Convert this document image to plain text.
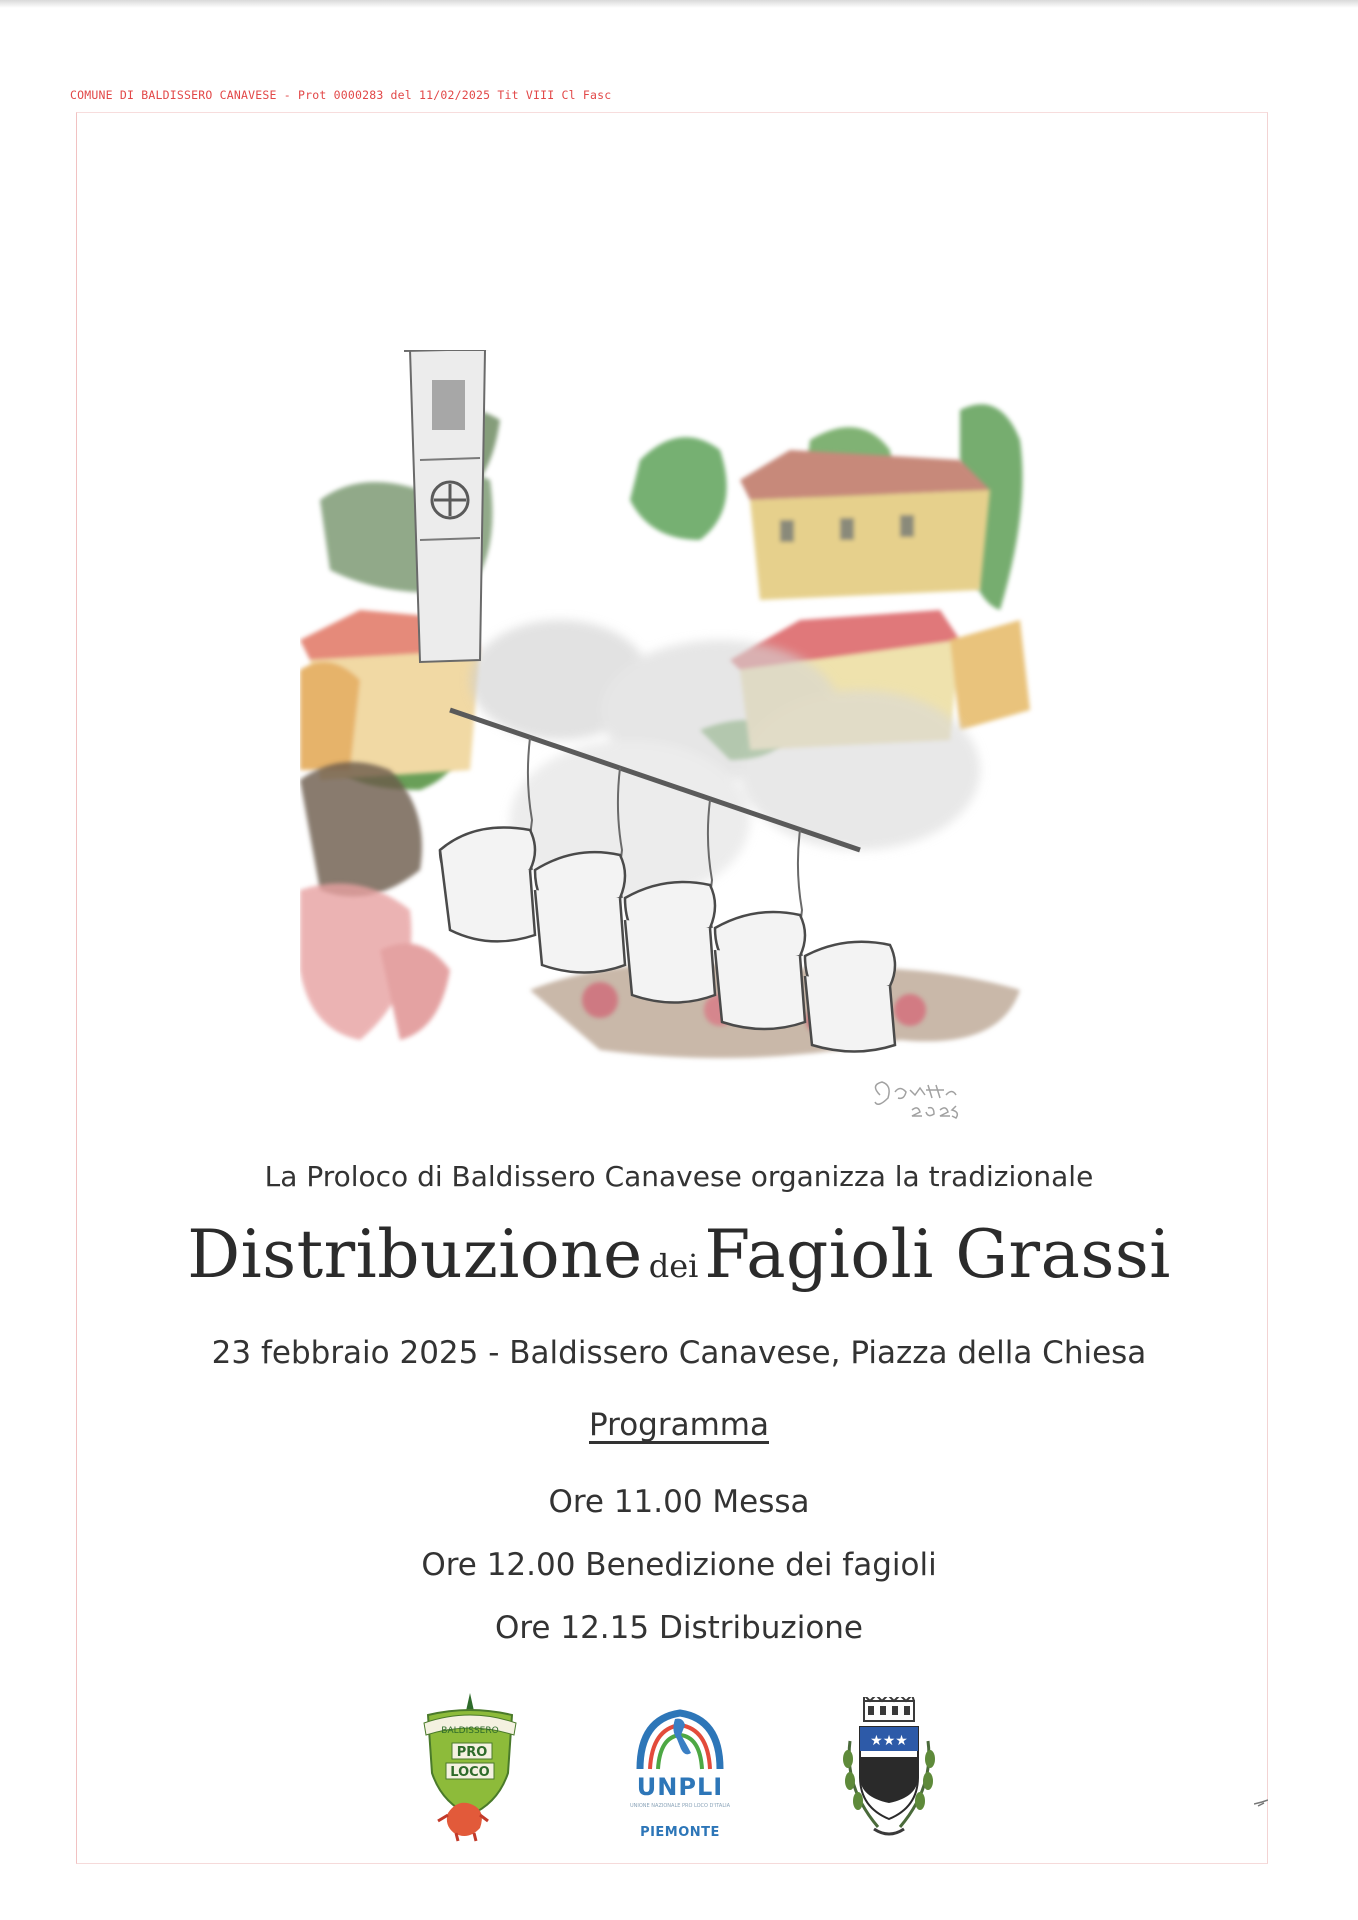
COMUNE DI BALDISSERO CANAVESE - Prot 0000283 del 11/02/2025 Tit VIII Cl Fasc
La Proloco di Baldissero Canavese organizza la tradizionale
Distribuzione deiFagioli Grassi
23 febbraio 2025 - Baldissero Canavese, Piazza della Chiesa
Programma
Ore 11.00 Messa
Ore 12.00 Benedizione dei fagioli
Ore 12.15 Distribuzione
BALDISSERO
PRO
LOCO
UNPLI
UNIONE NAZIONALE PRO LOCO D'ITALIA
PIEMONTE
★★★
